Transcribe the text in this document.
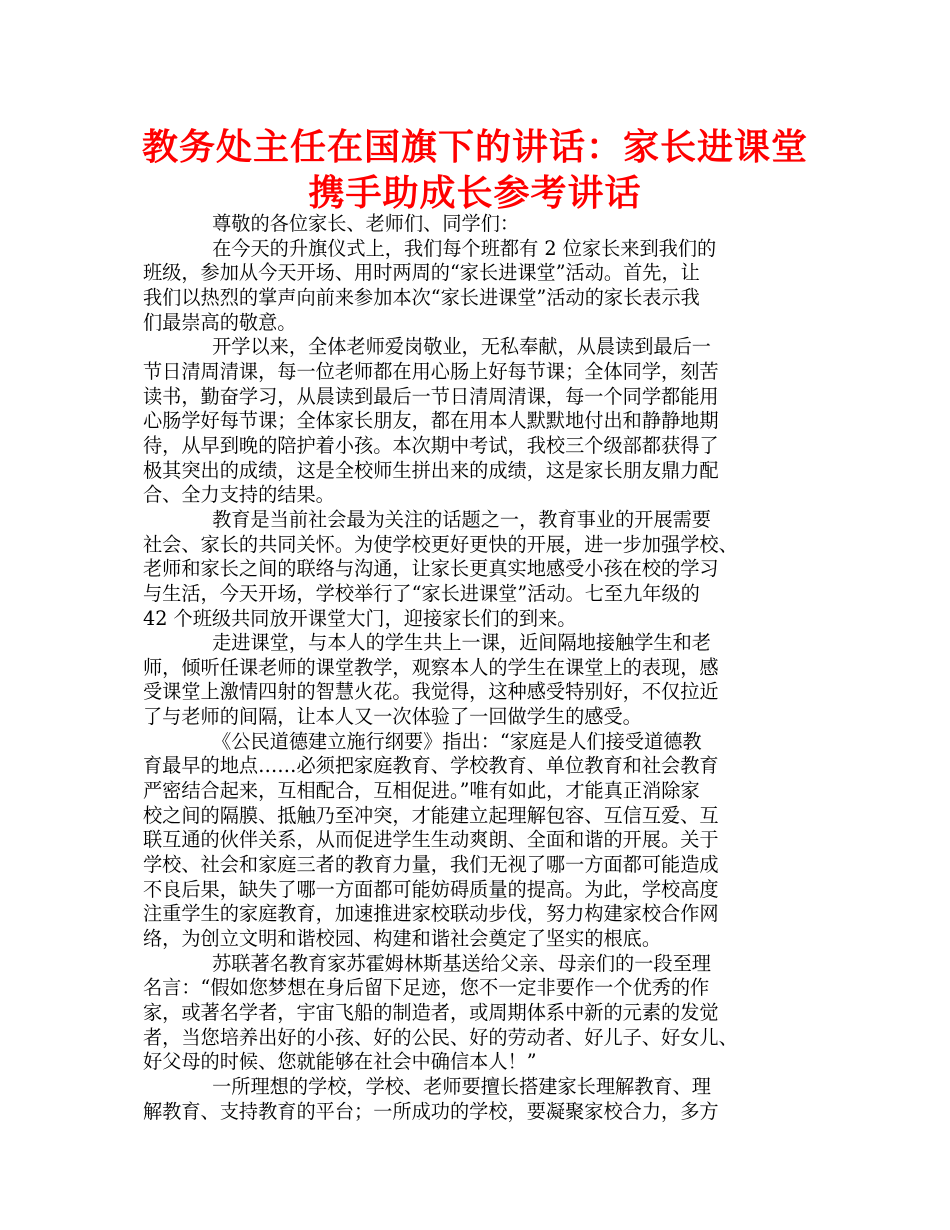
教务处主任在国旗下的讲话：家长进课堂
携手助成长参考讲话
尊敬的各位家长、老师们、同学们：
在今天的升旗仪式上，我们每个班都有 2 位家长来到我们的
班级，参加从今天开场、用时两周的“家长进课堂”活动。首先，让
我们以热烈的掌声向前来参加本次“家长进课堂”活动的家长表示我
们最崇高的敬意。
开学以来，全体老师爱岗敬业，无私奉献，从晨读到最后一
节日清周清课，每一位老师都在用心肠上好每节课；全体同学，刻苦
读书，勤奋学习，从晨读到最后一节日清周清课，每一个同学都能用
心肠学好每节课；全体家长朋友，都在用本人默默地付出和静静地期
待，从早到晚的陪护着小孩。本次期中考试，我校三个级部都获得了
极其突出的成绩，这是全校师生拼出来的成绩，这是家长朋友鼎力配
合、全力支持的结果。
教育是当前社会最为关注的话题之一，教育事业的开展需要
社会、家长的共同关怀。为使学校更好更快的开展，进一步加强学校、
老师和家长之间的联络与沟通，让家长更真实地感受小孩在校的学习
与生活，今天开场，学校举行了“家长进课堂”活动。七至九年级的
42 个班级共同放开课堂大门，迎接家长们的到来。
走进课堂，与本人的学生共上一课，近间隔地接触学生和老
师，倾听任课老师的课堂教学，观察本人的学生在课堂上的表现，感
受课堂上激情四射的智慧火花。我觉得，这种感受特别好，不仅拉近
了与老师的间隔，让本人又一次体验了一回做学生的感受。
《公民道德建立施行纲要》指出：“家庭是人们接受道德教
育最早的地点……必须把家庭教育、学校教育、单位教育和社会教育
严密结合起来，互相配合，互相促进。”唯有如此，才能真正消除家
校之间的隔膜、抵触乃至冲突，才能建立起理解包容、互信互爱、互
联互通的伙伴关系，从而促进学生生动爽朗、全面和谐的开展。关于
学校、社会和家庭三者的教育力量，我们无视了哪一方面都可能造成
不良后果，缺失了哪一方面都可能妨碍质量的提高。为此，学校高度
注重学生的家庭教育，加速推进家校联动步伐，努力构建家校合作网
络，为创立文明和谐校园、构建和谐社会奠定了坚实的根底。
苏联著名教育家苏霍姆林斯基送给父亲、母亲们的一段至理
名言：“假如您梦想在身后留下足迹，您不一定非要作一个优秀的作
家，或著名学者，宇宙飞船的制造者，或周期体系中新的元素的发觉
者，当您培养出好的小孩、好的公民、好的劳动者、好儿子、好女儿、
好父母的时候、您就能够在社会中确信本人！”
一所理想的学校，学校、老师要擅长搭建家长理解教育、理
解教育、支持教育的平台；一所成功的学校，要凝聚家校合力，多方
